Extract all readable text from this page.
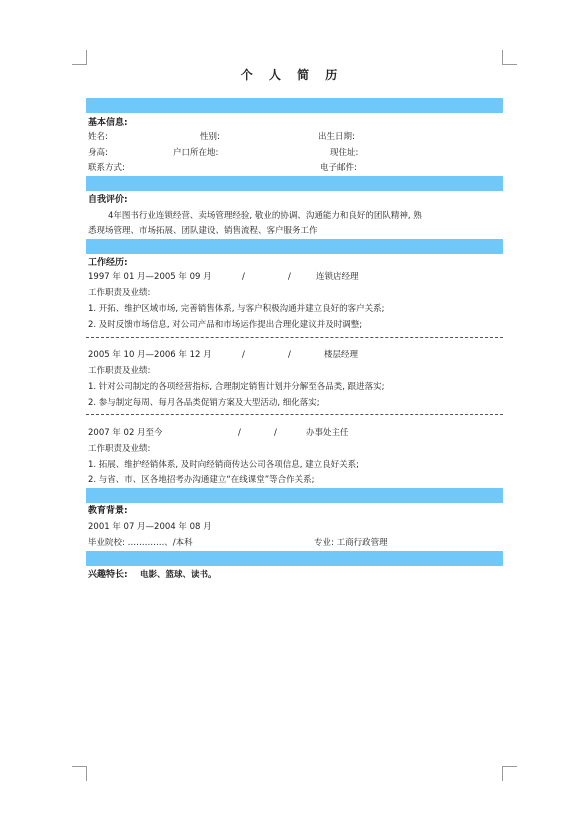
个 人 简 历
基本信息:
姓名:	性别:	出生日期:
身高:	户口所在地:	现住址:
联系方式:	电子邮件:
自我评价:
4年图书行业连锁经营、卖场管理经验, 敬业的协调、沟通能力和良好的团队精神, 熟
悉现场管理、市场拓展、团队建设、销售流程、客户服务工作
工作经历:
1997 年 01 月—2005 年 09 月	/	/	连锁店经理
工作职责及业绩:
1. 开拓、维护区域市场, 完善销售体系, 与客户积极沟通并建立良好的客户关系;
2. 及时反馈市场信息, 对公司产品和市场运作提出合理化建议并及时调整;
2005 年 10 月—2006 年 12 月	/	/	楼层经理
工作职责及业绩:
1. 针对公司制定的各项经营指标, 合理制定销售计划并分解至各品类, 跟进落实;
2. 参与制定每周、每月各品类促销方案及大型活动, 细化落实;
2007 年 02 月至今	/	/	办事处主任
工作职责及业绩:
1. 拓展、维护经销体系, 及时向经销商传达公司各项信息, 建立良好关系;
2. 与省、市、区各地招考办沟通建立“在线课堂”等合作关系;
教育背景:
2001 年 07 月—2004 年 08 月
毕业院校: ………….、/本科	专业: 工商行政管理
兴趣特长: 电影、篮球、读书。
